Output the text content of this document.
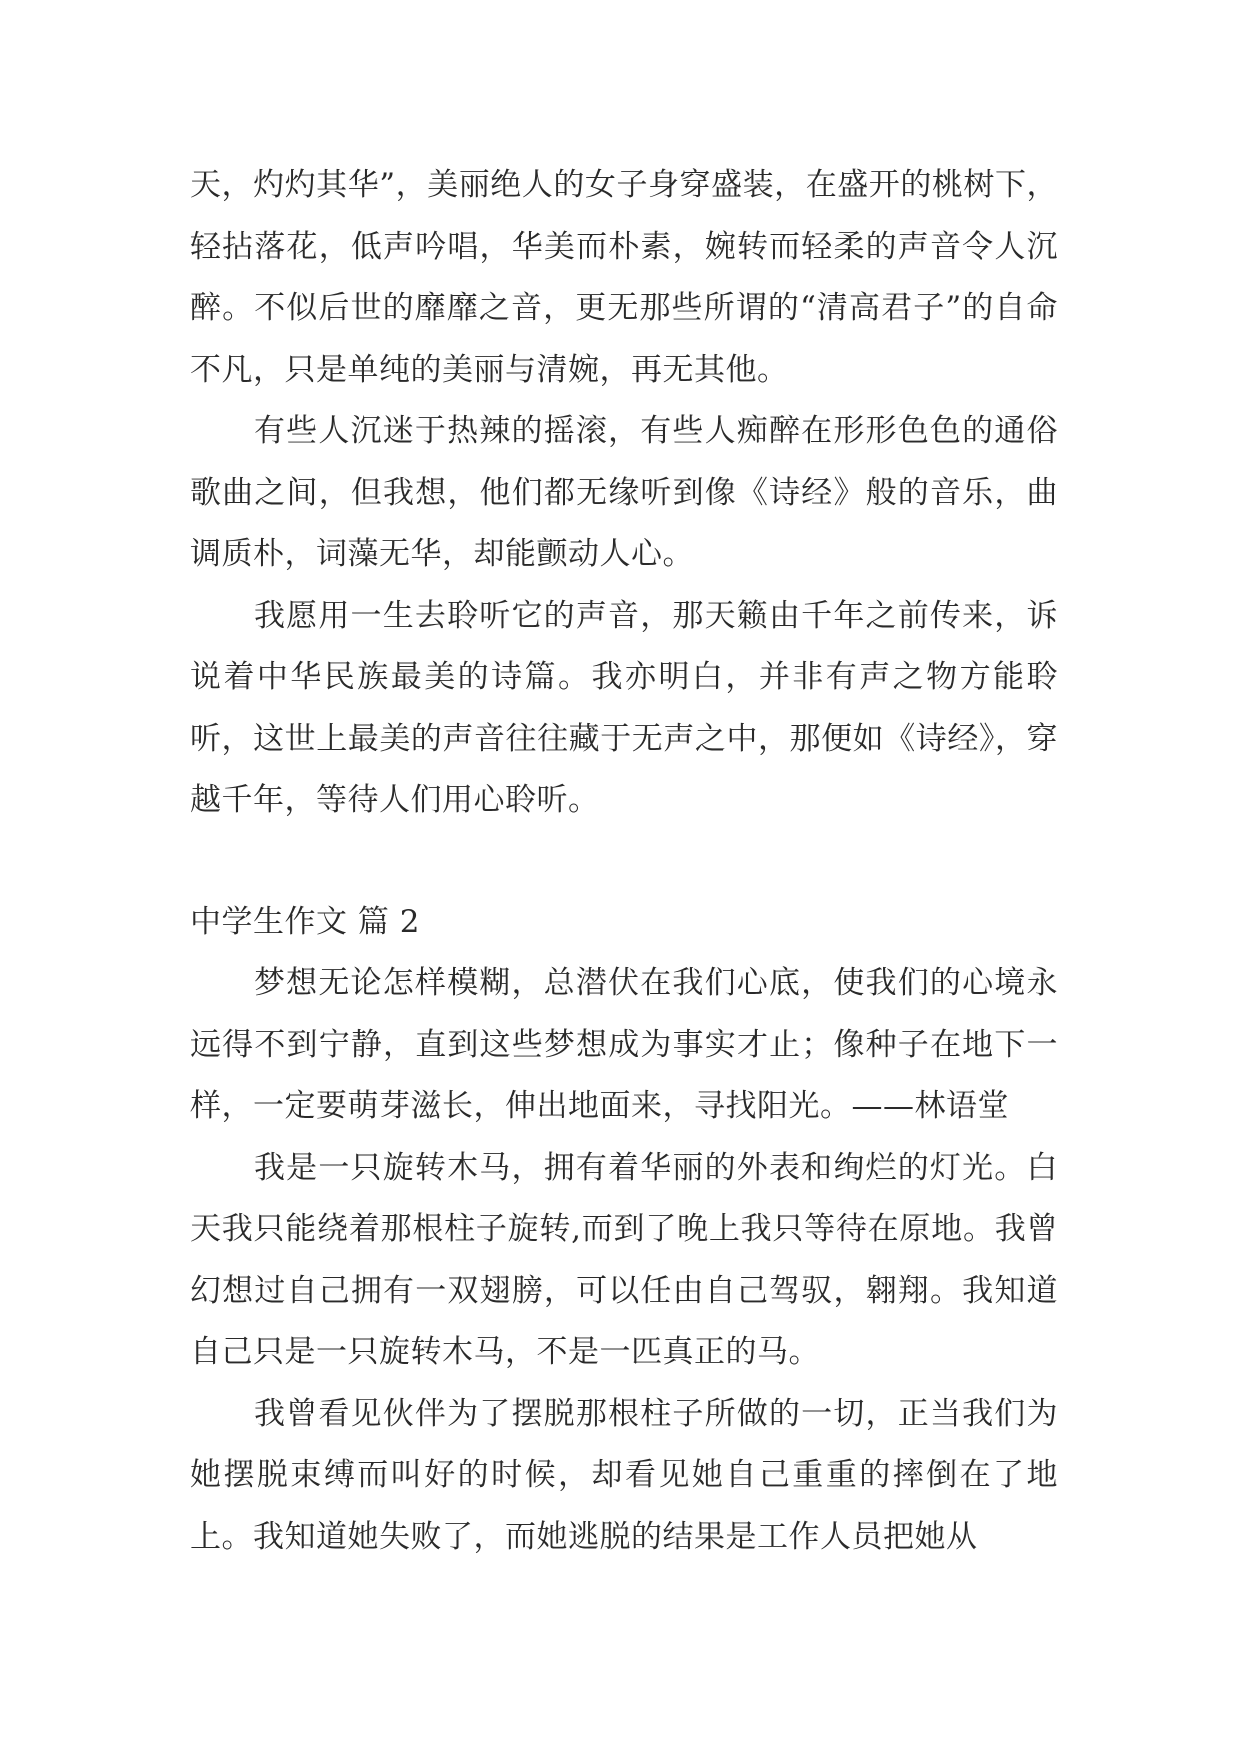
天，灼灼其华”，美丽绝人的女子身穿盛装，在盛开的桃树下，轻拈落花，低声吟唱，华美而朴素，婉转而轻柔的声音令人沉醉。不似后世的靡靡之音，更无那些所谓的“清高君子”的自命不凡，只是单纯的美丽与清婉，再无其他。

有些人沉迷于热辣的摇滚，有些人痴醉在形形色色的通俗歌曲之间，但我想，他们都无缘听到像《诗经》般的音乐，曲调质朴，词藻无华，却能颤动人心。

我愿用一生去聆听它的声音，那天籁由千年之前传来，诉说着中华民族最美的诗篇。我亦明白，并非有声之物方能聆听，这世上最美的声音往往藏于无声之中，那便如《诗经》，穿越千年，等待人们用心聆听。

中学生作文 篇 2

梦想无论怎样模糊，总潜伏在我们心底，使我们的心境永远得不到宁静，直到这些梦想成为事实才止；像种子在地下一样，一定要萌芽滋长，伸出地面来，寻找阳光。——林语堂

我是一只旋转木马，拥有着华丽的外表和绚烂的灯光。白天我只能绕着那根柱子旋转,而到了晚上我只等待在原地。我曾幻想过自己拥有一双翅膀，可以任由自己驾驭，翱翔。我知道自己只是一只旋转木马，不是一匹真正的马。

我曾看见伙伴为了摆脱那根柱子所做的一切，正当我们为她摆脱束缚而叫好的时候，却看见她自己重重的摔倒在了地上。我知道她失败了，而她逃脱的结果是工作人员把她从
